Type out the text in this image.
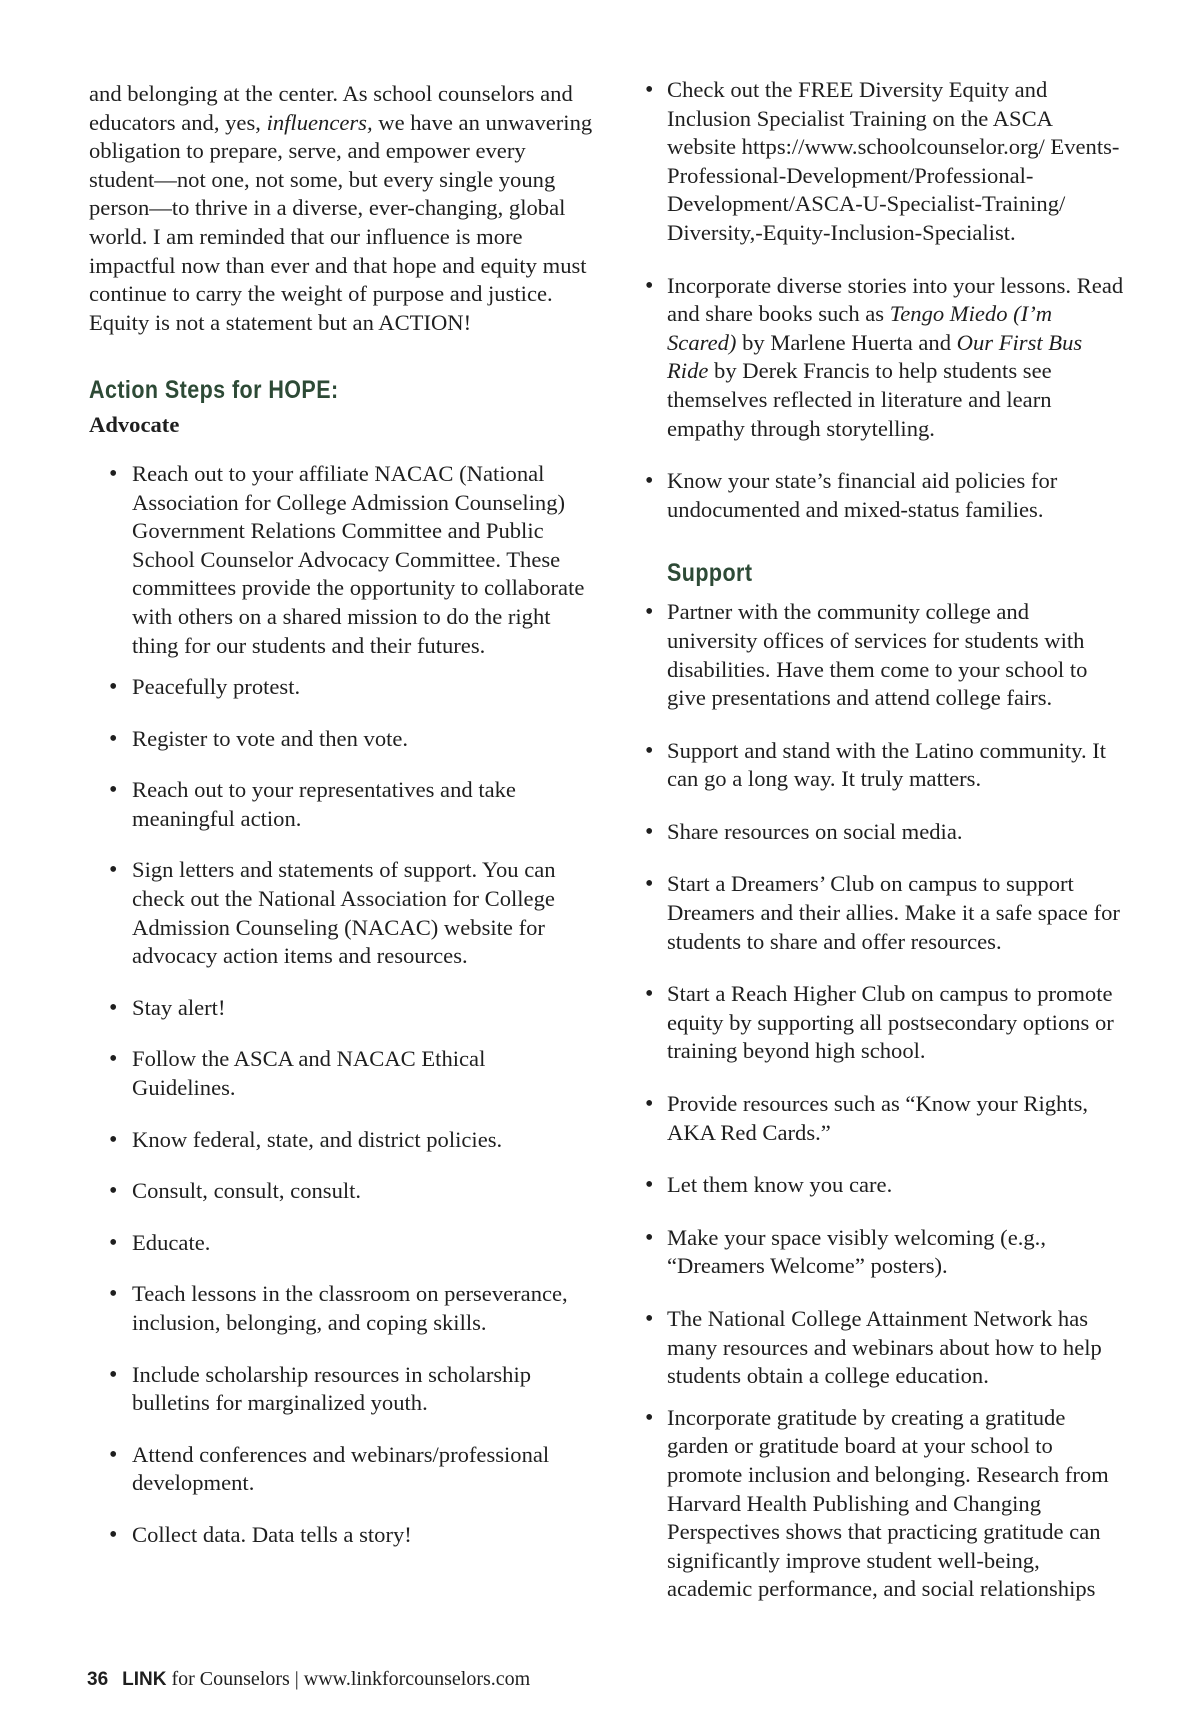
and belonging at the center. As school counselors and educators and, yes, influencers, we have an unwavering obligation to prepare, serve, and empower every student—not one, not some, but every single young person—to thrive in a diverse, ever-changing, global world. I am reminded that our influence is more impactful now than ever and that hope and equity must continue to carry the weight of purpose and justice. Equity is not a statement but an ACTION!

Action Steps for HOPE:
Advocate
• Reach out to your affiliate NACAC (National Association for College Admission Counseling) Government Relations Committee and Public School Counselor Advocacy Committee. These committees provide the opportunity to collaborate with others on a shared mission to do the right thing for our students and their futures.
• Peacefully protest.
• Register to vote and then vote.
• Reach out to your representatives and take meaningful action.
• Sign letters and statements of support. You can check out the National Association for College Admission Counseling (NACAC) website for advocacy action items and resources.
• Stay alert!
• Follow the ASCA and NACAC Ethical Guidelines.
• Know federal, state, and district policies.
• Consult, consult, consult.
• Educate.
• Teach lessons in the classroom on perseverance, inclusion, belonging, and coping skills.
• Include scholarship resources in scholarship bulletins for marginalized youth.
• Attend conferences and webinars/professional development.
• Collect data. Data tells a story!
• Check out the FREE Diversity Equity and Inclusion Specialist Training on the ASCA website https://www.schoolcounselor.org/ Events-Professional-Development/Professional-Development/ASCA-U-Specialist-Training/ Diversity,-Equity-Inclusion-Specialist.
• Incorporate diverse stories into your lessons. Read and share books such as Tengo Miedo (I’m Scared) by Marlene Huerta and Our First Bus Ride by Derek Francis to help students see themselves reflected in literature and learn empathy through storytelling.
• Know your state’s financial aid policies for undocumented and mixed-status families.
Support
• Partner with the community college and university offices of services for students with disabilities. Have them come to your school to give presentations and attend college fairs.
• Support and stand with the Latino community. It can go a long way. It truly matters.
• Share resources on social media.
• Start a Dreamers’ Club on campus to support Dreamers and their allies. Make it a safe space for students to share and offer resources.
• Start a Reach Higher Club on campus to promote equity by supporting all postsecondary options or training beyond high school.
• Provide resources such as “Know your Rights, AKA Red Cards.”
• Let them know you care.
• Make your space visibly welcoming (e.g., “Dreamers Welcome” posters).
• The National College Attainment Network has many resources and webinars about how to help students obtain a college education.
• Incorporate gratitude by creating a gratitude garden or gratitude board at your school to promote inclusion and belonging. Research from Harvard Health Publishing and Changing Perspectives shows that practicing gratitude can significantly improve student well-being, academic performance, and social relationships
36 LINK for Counselors | www.linkforcounselors.com
